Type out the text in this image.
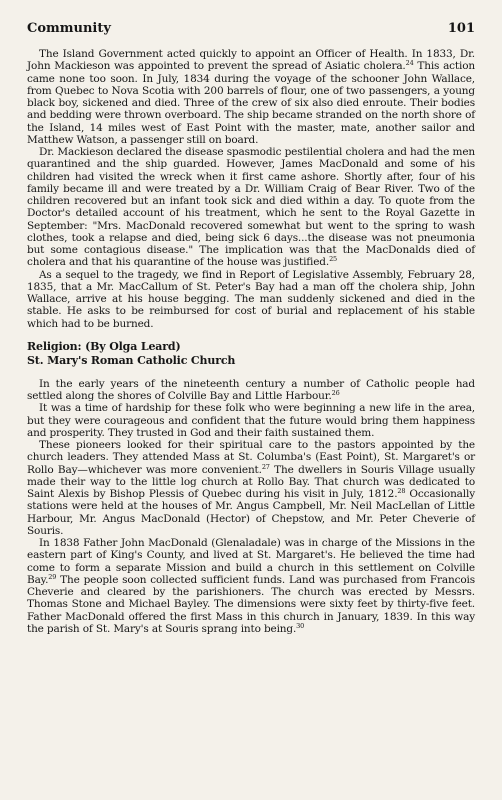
Community	101

The Island Government acted quickly to appoint an Officer of Health. In 1833, Dr. John Mackieson was appointed to prevent the spread of Asiatic cholera.$^{24}$ This action came none too soon. In July, 1834 during the voyage of the schooner John Wallace, from Quebec to Nova Scotia with 200 barrels of flour, one of two passengers, a young black boy, sickened and died. Three of the crew of six also died enroute. Their bodies and bedding were thrown overboard. The ship became stranded on the north shore of the Island, 14 miles west of East Point with the master, mate, another sailor and Matthew Watson, a passenger still on board.

Dr. Mackieson declared the disease spasmodic pestilential cholera and had the men quarantined and the ship guarded. However, James MacDonald and some of his children had visited the wreck when it first came ashore. Shortly after, four of his family became ill and were treated by a Dr. William Craig of Bear River. Two of the children recovered but an infant took sick and died within a day. To quote from the Doctor's detailed account of his treatment, which he sent to the Royal Gazette in September: "Mrs. MacDonald recovered somewhat but went to the spring to wash clothes, took a relapse and died, being sick 6 days...the disease was not pneumonia but some contagious disease." The implication was that the MacDonalds died of cholera and that his quarantine of the house was justified.$^{25}$

As a sequel to the tragedy, we find in Report of Legislative Assembly, February 28, 1835, that a Mr. MacCallum of St. Peter's Bay had a man off the cholera ship, John Wallace, arrive at his house begging. The man suddenly sickened and died in the stable. He asks to be reimbursed for cost of burial and replacement of his stable which had to be burned.

Religion: (By Olga Leard)
St. Mary's Roman Catholic Church

In the early years of the nineteenth century a number of Catholic people had settled along the shores of Colville Bay and Little Harbour.$^{26}$

It was a time of hardship for these folk who were beginning a new life in the area, but they were courageous and confident that the future would bring them happiness and prosperity. They trusted in God and their faith sustained them.

These pioneers looked for their spiritual care to the pastors appointed by the church leaders. They attended Mass at St. Columba's (East Point), St. Margaret's or Rollo Bay—whichever was more convenient.$^{27}$ The dwellers in Souris Village usually made their way to the little log church at Rollo Bay. That church was dedicated to Saint Alexis by Bishop Plessis of Quebec during his visit in July, 1812.28 Occasionally stations were held at the houses of Mr. Angus Campbell, Mr. Neil MacLellan of Little Harbour, Mr. Angus MacDonald (Hector) of Chepstow, and Mr. Peter Cheverie of Souris.

In 1838 Father John MacDonald (Glenaladale) was in charge of the Missions in the eastern part of King's County, and lived at St. Margaret's. He believed the time had come to form a separate Mission and build a church in this settlement on Colville Bay.$^{29}$ The people soon collected sufficient funds. Land was purchased from Francois Cheverie and cleared by the parishioners. The church was erected by Messrs. Thomas Stone and Michael Bayley. The dimensions were sixty feet by thirty-five feet. Father MacDonald offered the first Mass in this church in January, 1839. In this way the parish of St. Mary's at Souris sprang into being.$^{30}$
